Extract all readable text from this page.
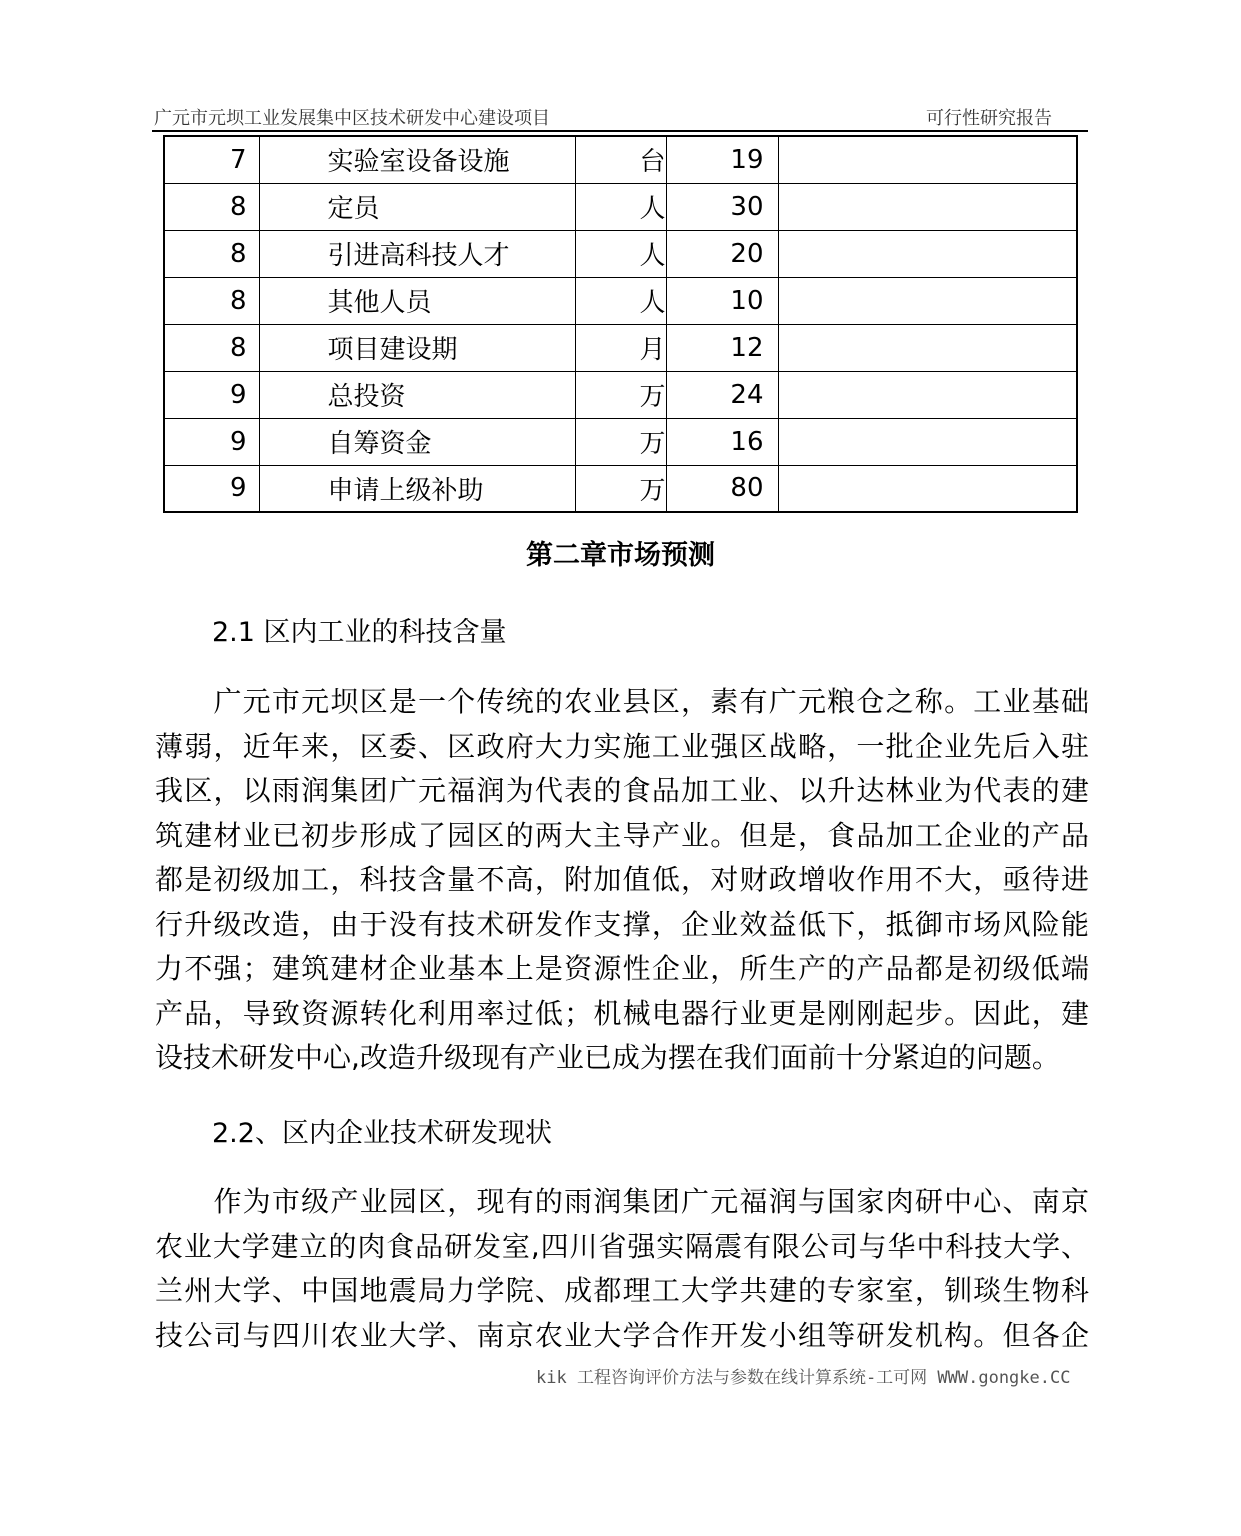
广元市元坝工业发展集中区技术研发中心建设项目	可行性研究报告
7	实验室设备设施	台	19	
8	定员	人	30	
8	引进高科技人才	人	20	
8	其他人员	人	10	
8	项目建设期	月	12	
9	总投资	万	24	
9	自筹资金	万	16	
9	申请上级补助	万	80	
第二章市场预测
2.1 区内工业的科技含量
　　广元市元坝区是一个传统的农业县区，素有广元粮仓之称。工业基础
薄弱，近年来，区委、区政府大力实施工业强区战略，一批企业先后入驻
我区，以雨润集团广元福润为代表的食品加工业、以升达林业为代表的建
筑建材业已初步形成了园区的两大主导产业。但是，食品加工企业的产品
都是初级加工，科技含量不高，附加值低，对财政增收作用不大，亟待进
行升级改造，由于没有技术研发作支撑，企业效益低下，抵御市场风险能
力不强；建筑建材企业基本上是资源性企业，所生产的产品都是初级低端
产品，导致资源转化利用率过低；机械电器行业更是刚刚起步。因此，建
设技术研发中心,改造升级现有产业已成为摆在我们面前十分紧迫的问题。
2.2、区内企业技术研发现状
　　作为市级产业园区，现有的雨润集团广元福润与国家肉研中心、南京
农业大学建立的肉食品研发室,四川省强实隔震有限公司与华中科技大学、
兰州大学、中国地震局力学院、成都理工大学共建的专家室，钏琰生物科
技公司与四川农业大学、南京农业大学合作开发小组等研发机构。但各企
kik 工程咨询评价方法与参数在线计算系统-工可网 WWW.gongke.CC
